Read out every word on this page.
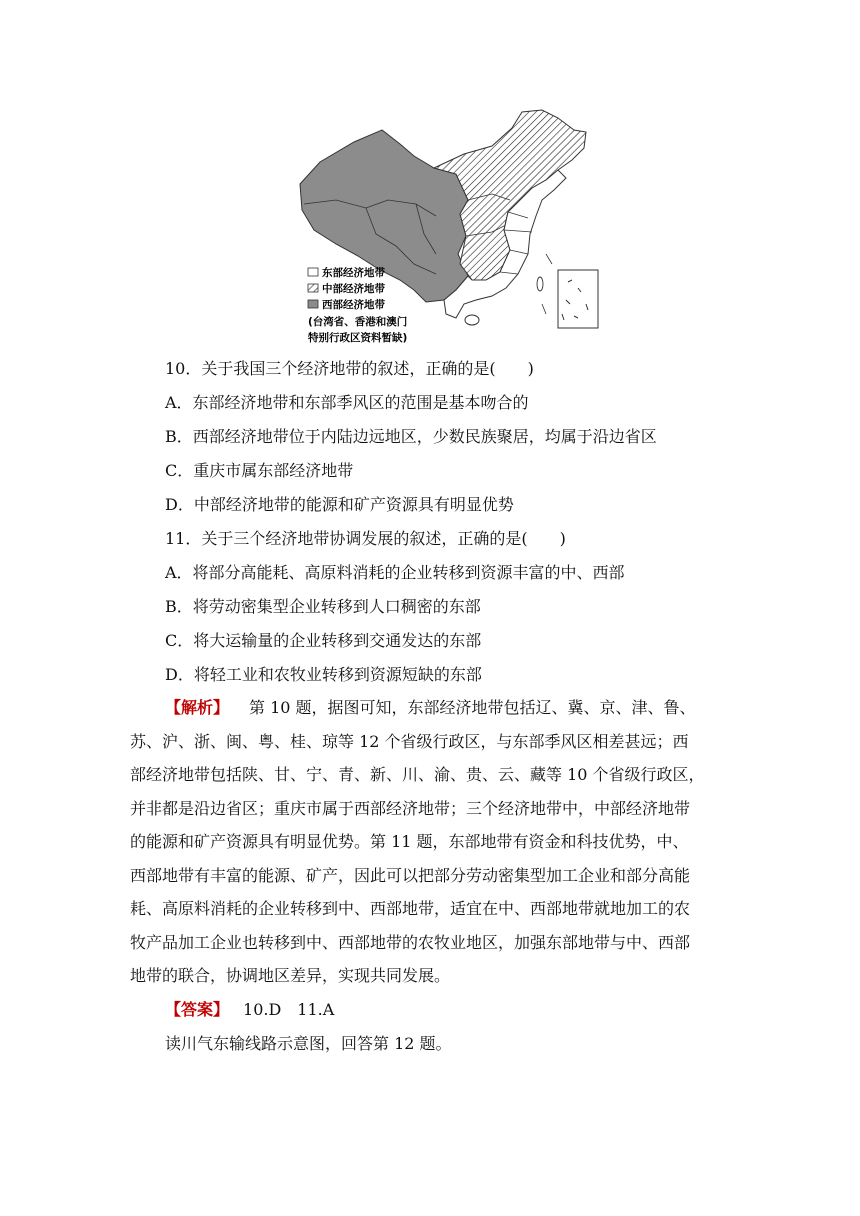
东部经济地带
中部经济地带
西部经济地带
(台湾省、香港和澳门
特别行政区资料暂缺)
10．关于我国三个经济地带的叙述，正确的是(　　)
A．东部经济地带和东部季风区的范围是基本吻合的
B．西部经济地带位于内陆边远地区，少数民族聚居，均属于沿边省区
C．重庆市属东部经济地带
D．中部经济地带的能源和矿产资源具有明显优势
11．关于三个经济地带协调发展的叙述，正确的是(　　)
A．将部分高能耗、高原料消耗的企业转移到资源丰富的中、西部
B．将劳动密集型企业转移到人口稠密的东部
C．将大运输量的企业转移到交通发达的东部
D．将轻工业和农牧业转移到资源短缺的东部
【解析】 第 10 题，据图可知，东部经济地带包括辽、冀、京、津、鲁、
苏、沪、浙、闽、粤、桂、琼等 12 个省级行政区，与东部季风区相差甚远；西
部经济地带包括陕、甘、宁、青、新、川、渝、贵、云、藏等 10 个省级行政区，
并非都是沿边省区；重庆市属于西部经济地带；三个经济地带中，中部经济地带
的能源和矿产资源具有明显优势。第 11 题，东部地带有资金和科技优势，中、
西部地带有丰富的能源、矿产，因此可以把部分劳动密集型加工企业和部分高能
耗、高原料消耗的企业转移到中、西部地带，适宜在中、西部地带就地加工的农
牧产品加工企业也转移到中、西部地带的农牧业地区，加强东部地带与中、西部
地带的联合，协调地区差异，实现共同发展。
【答案】 10.D　11.A
读川气东输线路示意图，回答第 12 题。
